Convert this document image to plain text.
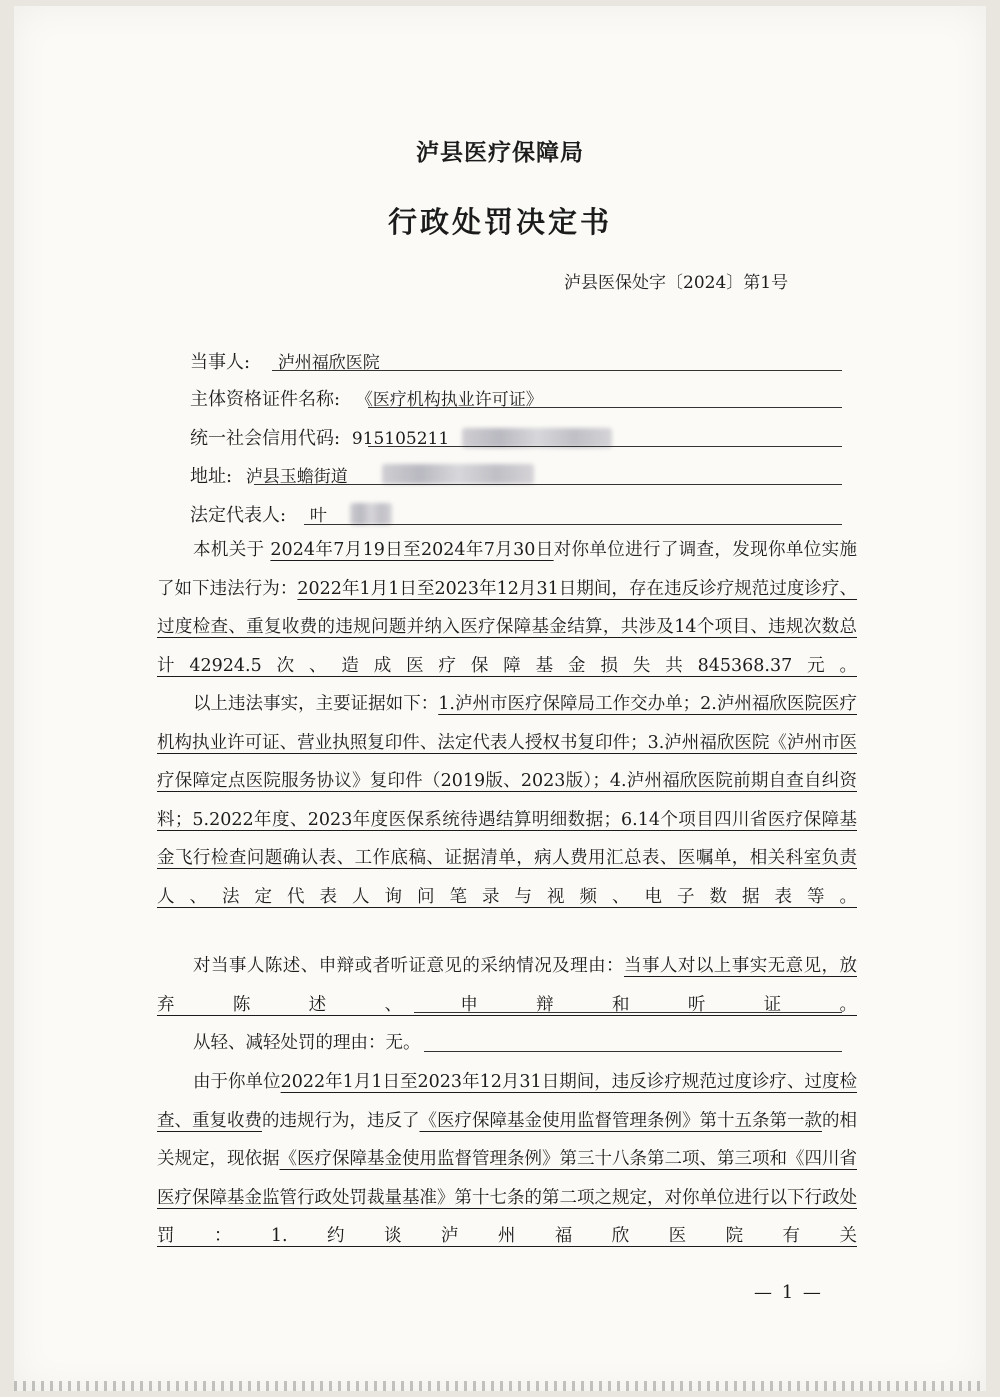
泸县医疗保障局
行政处罚决定书
泸县医保处字〔2024〕第1号
当事人: 泸州福欣医院
主体资格证件名称: 《医疗机构执业许可证》
统一社会信用代码: 915105211
地址: 泸县玉蟾街道
法定代表人: 叶
本机关于 2024年7月19日至2024年7月30日对你单位进行了调查，发现你单位实施了如下违法行为：2022年1月1日至2023年12月31日期间，存在违反诊疗规范过度诊疗、过度检查、重复收费的违规问题并纳入医疗保障基金结算，共涉及14个项目、违规次数总计42924.5次、造成医疗保障基金损失共845368.37元。
以上违法事实，主要证据如下：1.泸州市医疗保障局工作交办单；2.泸州福欣医院医疗机构执业许可证、营业执照复印件、法定代表人授权书复印件；3.泸州福欣医院《泸州市医疗保障定点医院服务协议》复印件（2019版、2023版）；4.泸州福欣医院前期自查自纠资料；5.2022年度、2023年度医保系统待遇结算明细数据；6.14个项目四川省医疗保障基金飞行检查问题确认表、工作底稿、证据清单，病人费用汇总表、医嘱单，相关科室负责人、法定代表人询问笔录与视频、电子数据表等。
对当事人陈述、申辩或者听证意见的采纳情况及理由：当事人对以上事实无意见，放弃陈述、申辩和听证。
从轻、减轻处罚的理由：无。
由于你单位2022年1月1日至2023年12月31日期间，违反诊疗规范过度诊疗、过度检查、重复收费的违规行为，违反了《医疗保障基金使用监督管理条例》第十五条第一款的相关规定，现依据《医疗保障基金使用监督管理条例》第三十八条第二项、第三项和《四川省医疗保障基金监管行政处罚裁量基准》第十七条的第二项之规定，对你单位进行以下行政处罚：1.约谈泸州福欣医院有关
— 1 —
